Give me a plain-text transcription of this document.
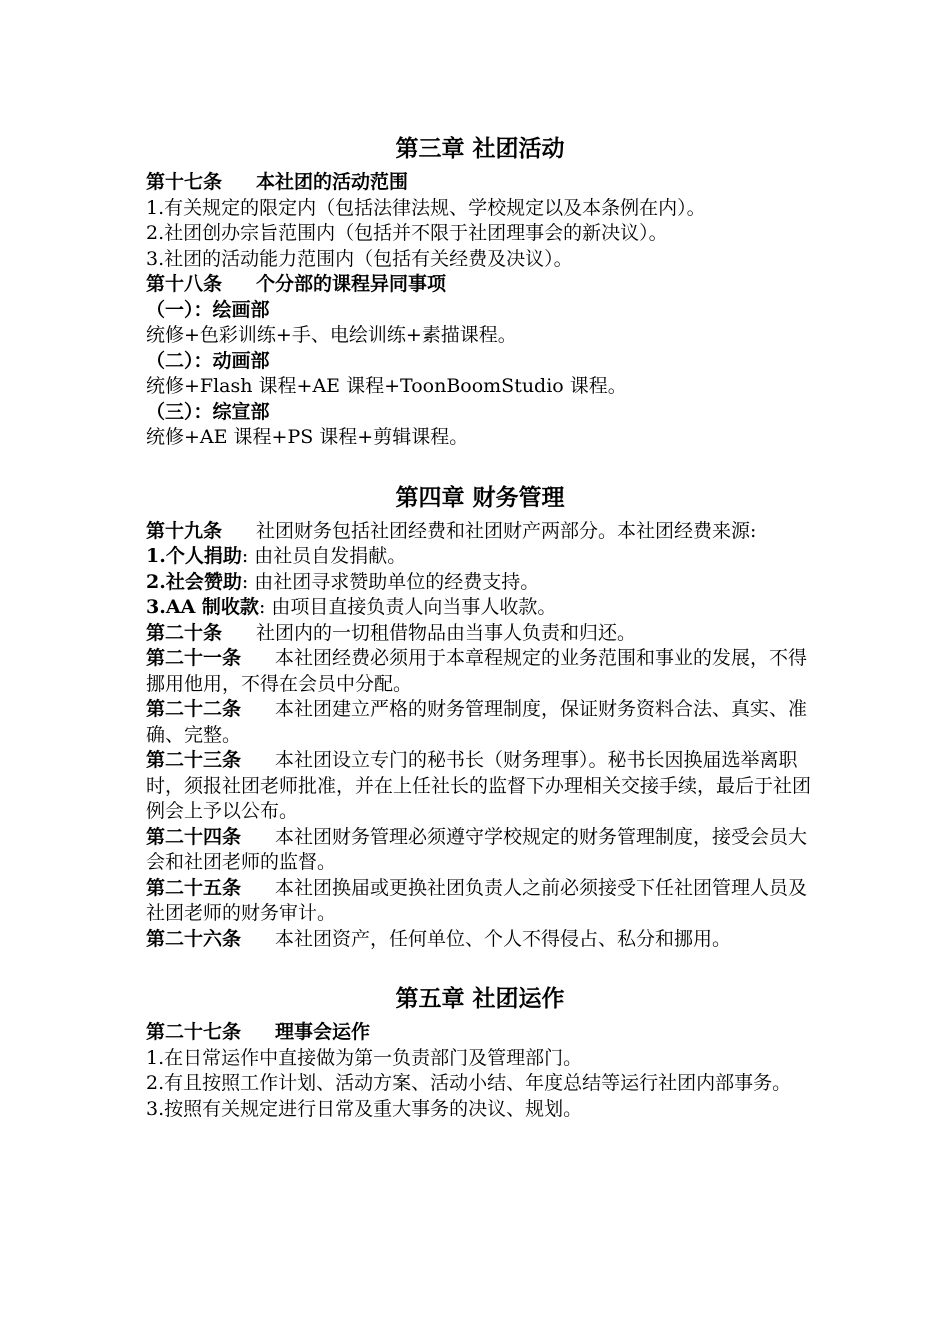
第三章 社团活动

第十七条 本社团的活动范围

1.有关规定的限定内（包括法律法规、学校规定以及本条例在内）。

2.社团创办宗旨范围内（包括并不限于社团理事会的新决议）。

3.社团的活动能力范围内（包括有关经费及决议）。

第十八条 个分部的课程异同事项

（一）：绘画部

统修+色彩训练+手、电绘训练+素描课程。

（二）：动画部

统修+Flash 课程+AE 课程+ToonBoomStudio 课程。

（三）：综宣部

统修+AE 课程+PS 课程+剪辑课程。

第四章 财务管理

第十九条 社团财务包括社团经费和社团财产两部分。本社团经费来源:

1.个人捐助: 由社员自发捐献。

2.社会赞助: 由社团寻求赞助单位的经费支持。

3.AA 制收款: 由项目直接负责人向当事人收款。

第二十条 社团内的一切租借物品由当事人负责和归还。

第二十一条 本社团经费必须用于本章程规定的业务范围和事业的发展，不得挪用他用，不得在会员中分配。

第二十二条 本社团建立严格的财务管理制度，保证财务资料合法、真实、准确、完整。

第二十三条 本社团设立专门的秘书长（财务理事）。秘书长因换届选举离职时，须报社团老师批准，并在上任社长的监督下办理相关交接手续，最后于社团例会上予以公布。

第二十四条 本社团财务管理必须遵守学校规定的财务管理制度，接受会员大会和社团老师的监督。

第二十五条 本社团换届或更换社团负责人之前必须接受下任社团管理人员及社团老师的财务审计。

第二十六条 本社团资产，任何单位、个人不得侵占、私分和挪用。

第五章 社团运作

第二十七条 理事会运作

1.在日常运作中直接做为第一负责部门及管理部门。

2.有且按照工作计划、活动方案、活动小结、年度总结等运行社团内部事务。

3.按照有关规定进行日常及重大事务的决议、规划。
